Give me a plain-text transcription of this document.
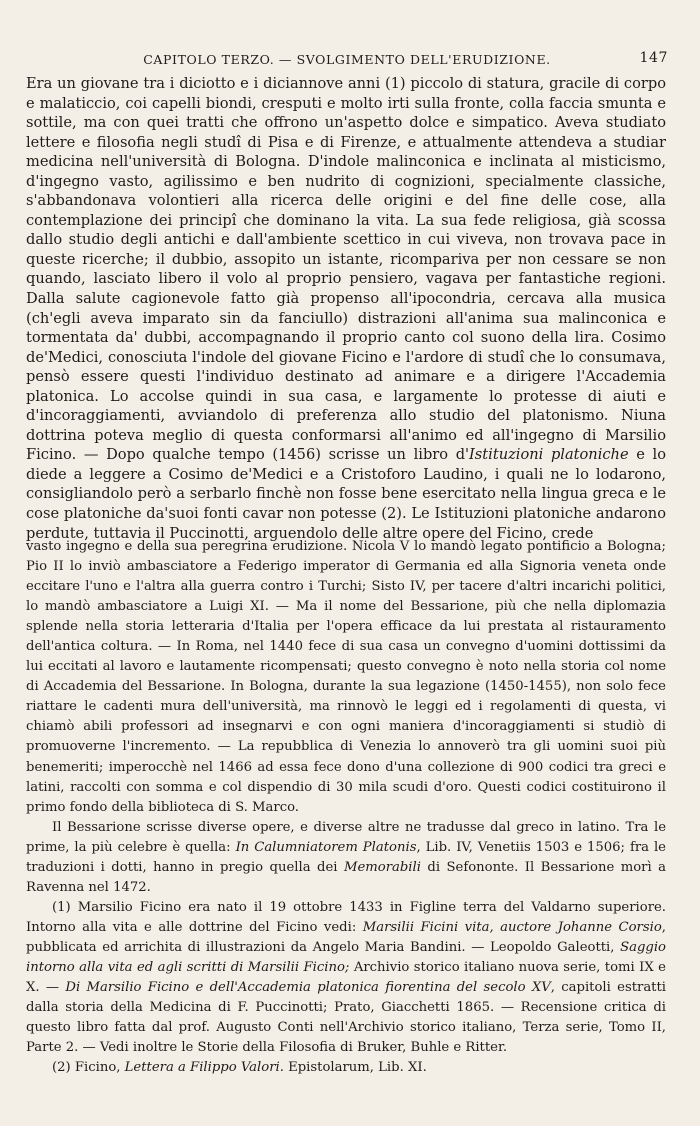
CAPITOLO TERZO. — SVOLGIMENTO DELL'ERUDIZIONE.	147

Era un giovane tra i diciotto e i diciannove anni (1) piccolo di statura, gracile di corpo e malaticcio, coi capelli biondi, cresputi e molto irti sulla fronte, colla faccia smunta e sottile, ma con quei tratti che offrono un'aspetto dolce e simpatico. Aveva studiato lettere e filosofia negli studî di Pisa e di Firenze, e attualmente attendeva a studiar medicina nell'università di Bologna. D'indole malinconica e inclinata al misticismo, d'ingegno vasto, agilissimo e ben nudrito di cognizioni, specialmente classiche, s'abbandonava volontieri alla ricerca delle origini e del fine delle cose, alla contemplazione dei principî che dominano la vita. La sua fede religiosa, già scossa dallo studio degli antichi e dall'ambiente scettico in cui viveva, non trovava pace in queste ricerche; il dubbio, assopito un istante, ricompariva per non cessare se non quando, lasciato libero il volo al proprio pensiero, vagava per fantastiche regioni. Dalla salute cagionevole fatto già propenso all'ipocondria, cercava alla musica (ch'egli aveva imparato sin da fanciullo) distrazioni all'anima sua malinconica e tormentata da' dubbi, accompagnando il proprio canto col suono della lira. Cosimo de'Medici, conosciuta l'indole del giovane Ficino e l'ardore di studî che lo consumava, pensò essere questi l'individuo destinato ad animare e a dirigere l'Accademia platonica. Lo accolse quindi in sua casa, e largamente lo protesse di aiuti e d'incoraggiamenti, avviandolo di preferenza allo studio del platonismo. Niuna dottrina poteva meglio di questa conformarsi all'animo ed all'ingegno di Marsilio Ficino. — Dopo qualche tempo (1456) scrisse un libro d'Istituzioni platoniche e lo diede a leggere a Cosimo de'Medici e a Cristoforo Laudino, i quali ne lo lodarono, consigliandolo però a serbarlo finchè non fosse bene esercitato nella lingua greca e le cose platoniche da'suoi fonti cavar non potesse (2). Le Istituzioni platoniche andarono perdute, tuttavia il Puccinotti, arguendolo delle altre opere del Ficino, crede

vasto ingegno e della sua peregrina erudizione. Nicola V lo mandò legato pontificio a Bologna; Pio II lo inviò ambasciatore a Federigo imperator di Germania ed alla Signoria veneta onde eccitare l'uno e l'altra alla guerra contro i Turchi; Sisto IV, per tacere d'altri incarichi politici, lo mandò ambasciatore a Luigi XI. — Ma il nome del Bessarione, più che nella diplomazia splende nella storia letteraria d'Italia per l'opera efficace da lui prestata al ristauramento dell'antica coltura. — In Roma, nel 1440 fece di sua casa un convegno d'uomini dottissimi da lui eccitati al lavoro e lautamente ricompensati; questo convegno è noto nella storia col nome di Accademia del Bessarione. In Bologna, durante la sua legazione (1450-1455), non solo fece riattare le cadenti mura dell'università, ma rinnovò le leggi ed i regolamenti di questa, vi chiamò abili professori ad insegnarvi e con ogni maniera d'incoraggiamenti si studiò di promuoverne l'incremento. — La repubblica di Venezia lo annoverò tra gli uomini suoi più benemeriti; imperocchè nel 1466 ad essa fece dono d'una collezione di 900 codici tra greci e latini, raccolti con somma e col dispendio di 30 mila scudi d'oro. Questi codici costituirono il primo fondo della biblioteca di S. Marco.

Il Bessarione scrisse diverse opere, e diverse altre ne tradusse dal greco in latino. Tra le prime, la più celebre è quella: In Calumniatorem Platonis, Lib. IV, Venetiis 1503 e 1506; fra le traduzioni i dotti, hanno in pregio quella dei Memorabili di Sefononte. Il Bessarione morì a Ravenna nel 1472.

(1) Marsilio Ficino era nato il 19 ottobre 1433 in Figline terra del Valdarno superiore. Intorno alla vita e alle dottrine del Ficino vedi: Marsilii Ficini vita, auctore Johanne Corsio, pubblicata ed arrichita di illustrazioni da Angelo Maria Bandini. — Leopoldo Galeotti, Saggio intorno alla vita ed agli scritti di Marsilii Ficino; Archivio storico italiano nuova serie, tomi IX e X. — Di Marsilio Ficino e dell'Accademia platonica fiorentina del secolo XV, capitoli estratti dalla storia della Medicina di F. Puccinotti; Prato, Giacchetti 1865. — Recensione critica di questo libro fatta dal prof. Augusto Conti nell'Archivio storico italiano, Terza serie, Tomo II, Parte 2. — Vedi inoltre le Storie della Filosofia di Bruker, Buhle e Ritter.

(2) Ficino, Lettera a Filippo Valori. Epistolarum, Lib. XI.
